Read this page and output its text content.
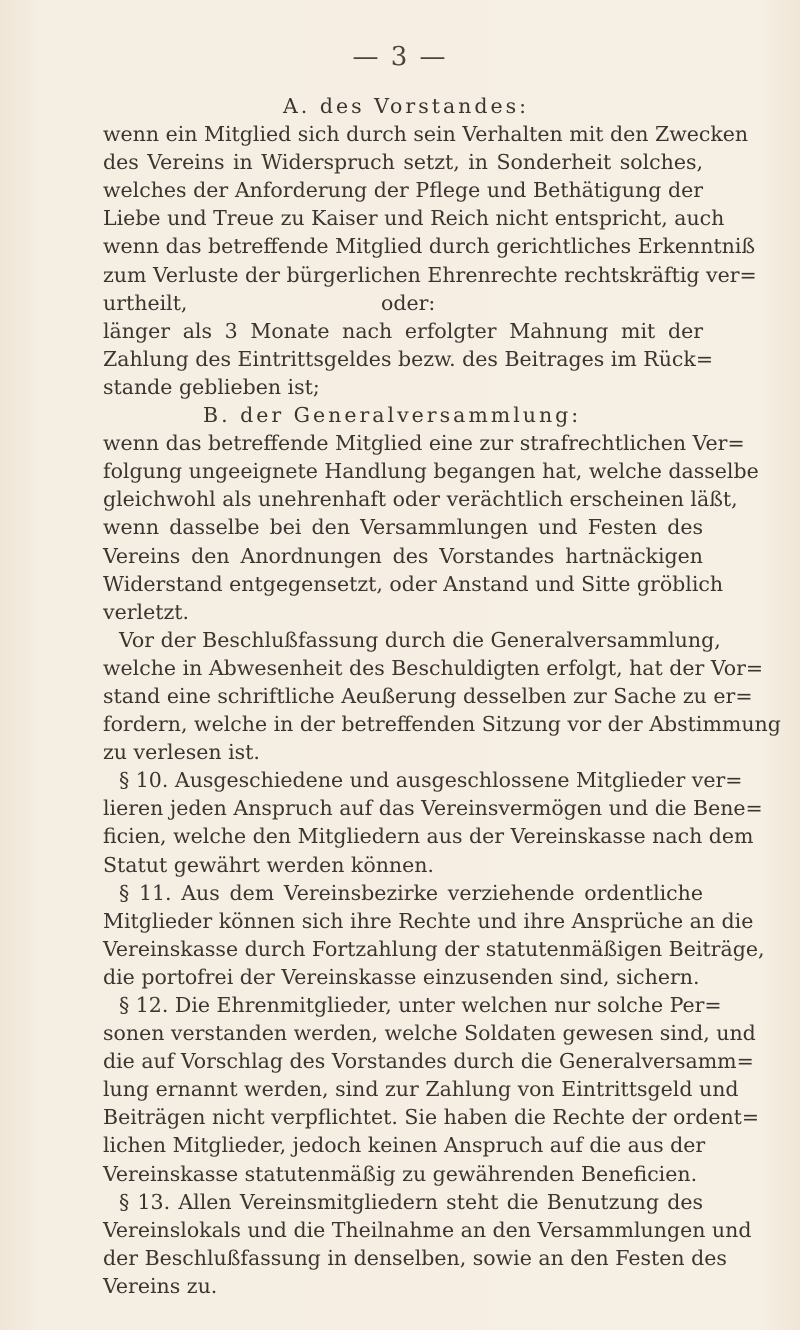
— 3 —
A. des Vorstandes:
wenn ein Mitglied sich durch sein Verhalten mit den Zwecken
des Vereins in Widerspruch setzt, in Sonderheit solches,
welches der Anforderung der Pflege und Bethätigung der
Liebe und Treue zu Kaiser und Reich nicht entspricht, auch
wenn das betreffende Mitglied durch gerichtliches Erkenntniß
zum Verluste der bürgerlichen Ehrenrechte rechtskräftig ver=
urtheilt,	oder:
länger als 3 Monate nach erfolgter Mahnung mit der
Zahlung des Eintrittsgeldes bezw. des Beitrages im Rück=
stande geblieben ist;
B. der Generalversammlung:
wenn das betreffende Mitglied eine zur strafrechtlichen Ver=
folgung ungeeignete Handlung begangen hat, welche dasselbe
gleichwohl als unehrenhaft oder verächtlich erscheinen läßt,
wenn dasselbe bei den Versammlungen und Festen des
Vereins den Anordnungen des Vorstandes hartnäckigen
Widerstand entgegensetzt, oder Anstand und Sitte gröblich
verletzt.
Vor der Beschlußfassung durch die Generalversammlung,
welche in Abwesenheit des Beschuldigten erfolgt, hat der Vor=
stand eine schriftliche Aeußerung desselben zur Sache zu er=
fordern, welche in der betreffenden Sitzung vor der Abstimmung
zu verlesen ist.
§ 10. Ausgeschiedene und ausgeschlossene Mitglieder ver=
lieren jeden Anspruch auf das Vereinsvermögen und die Bene=
ficien, welche den Mitgliedern aus der Vereinskasse nach dem
Statut gewährt werden können.
§ 11. Aus dem Vereinsbezirke verziehende ordentliche
Mitglieder können sich ihre Rechte und ihre Ansprüche an die
Vereinskasse durch Fortzahlung der statutenmäßigen Beiträge,
die portofrei der Vereinskasse einzusenden sind, sichern.
§ 12. Die Ehrenmitglieder, unter welchen nur solche Per=
sonen verstanden werden, welche Soldaten gewesen sind, und
die auf Vorschlag des Vorstandes durch die Generalversamm=
lung ernannt werden, sind zur Zahlung von Eintrittsgeld und
Beiträgen nicht verpflichtet. Sie haben die Rechte der ordent=
lichen Mitglieder, jedoch keinen Anspruch auf die aus der
Vereinskasse statutenmäßig zu gewährenden Beneficien.
§ 13. Allen Vereinsmitgliedern steht die Benutzung des
Vereinslokals und die Theilnahme an den Versammlungen und
der Beschlußfassung in denselben, sowie an den Festen des
Vereins zu.
